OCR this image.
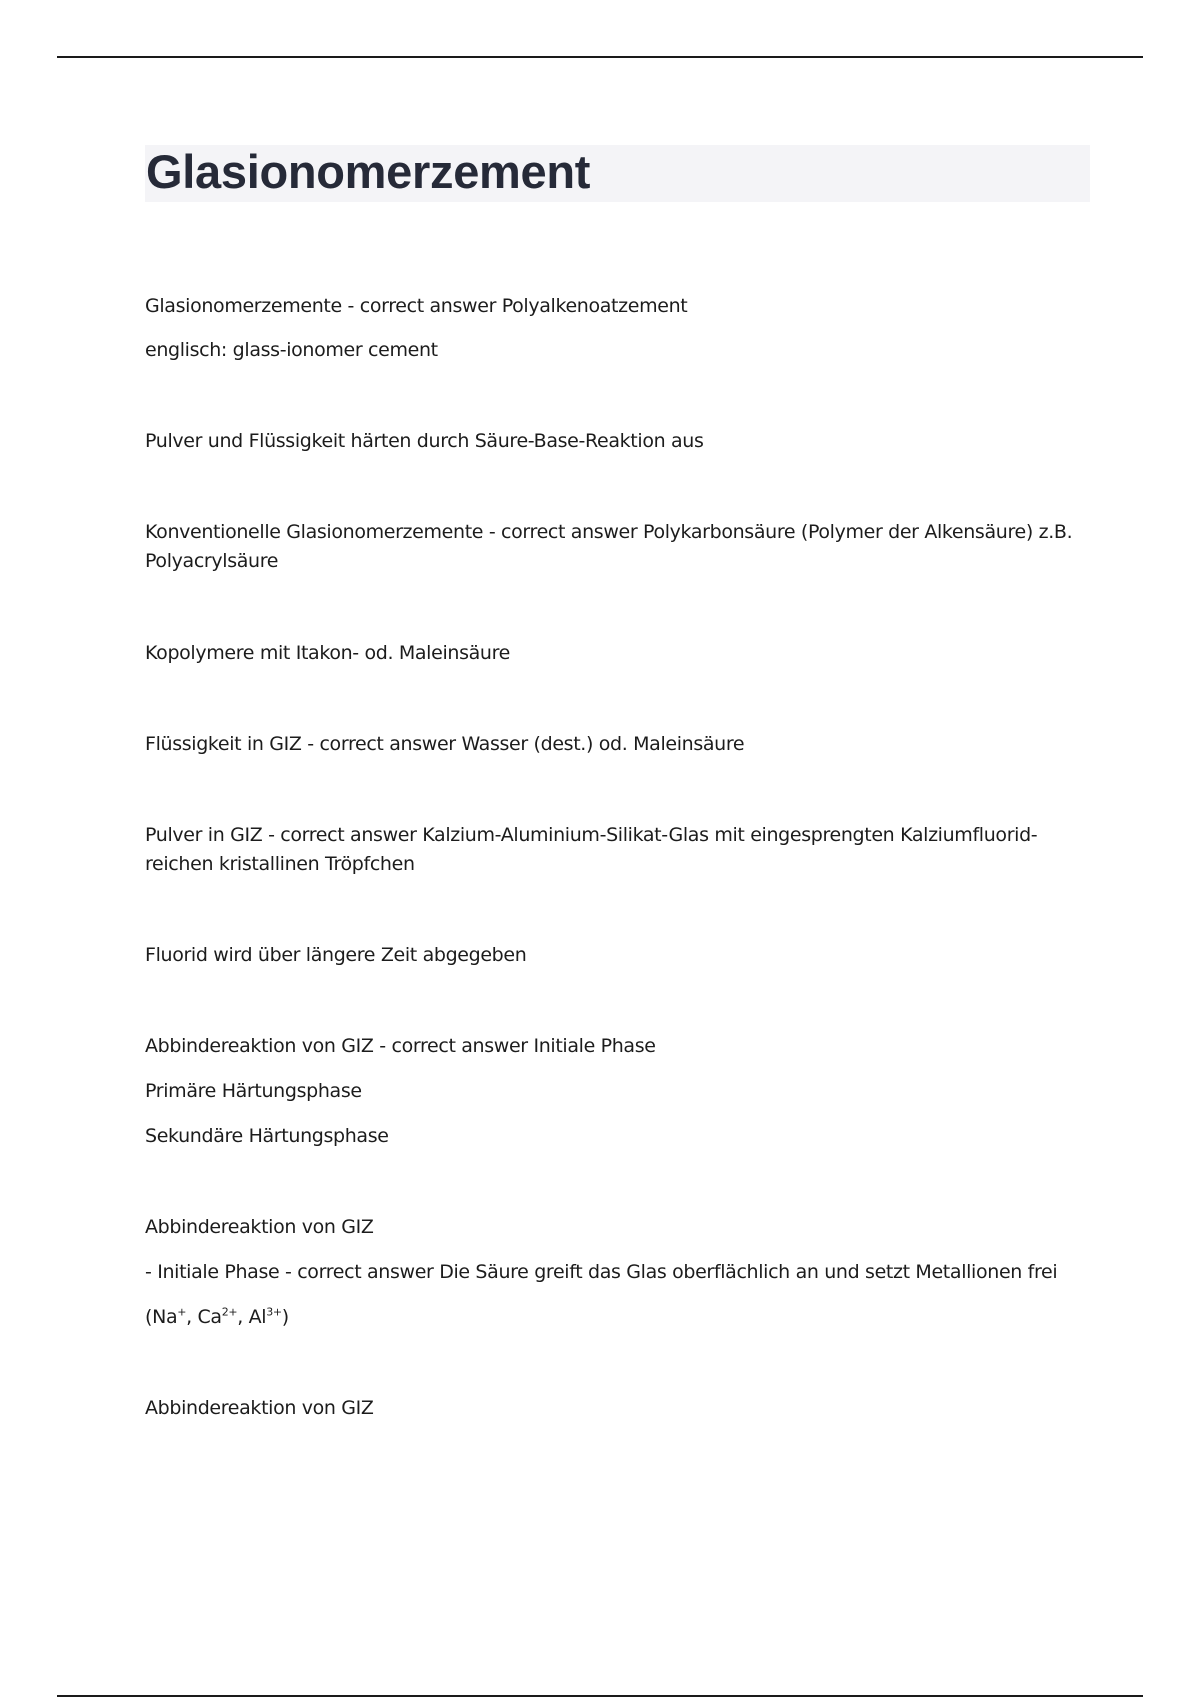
Glasionomerzement

Glasionomerzemente - correct answer Polyalkenoatzement

englisch: glass-ionomer cement

Pulver und Flüssigkeit härten durch Säure-Base-Reaktion aus

Konventionelle Glasionomerzemente - correct answer Polykarbonsäure (Polymer der Alkensäure) z.B. Polyacrylsäure

Kopolymere mit Itakon- od. Maleinsäure

Flüssigkeit in GIZ - correct answer Wasser (dest.) od. Maleinsäure

Pulver in GIZ - correct answer Kalzium-Aluminium-Silikat-Glas mit eingesprengten Kalziumfluorid-reichen kristallinen Tröpfchen

Fluorid wird über längere Zeit abgegeben

Abbindereaktion von GIZ - correct answer Initiale Phase

Primäre Härtungsphase

Sekundäre Härtungsphase

Abbindereaktion von GIZ

- Initiale Phase - correct answer Die Säure greift das Glas oberflächlich an und setzt Metallionen frei

(Na+, $Ca^{2+}$, $Al^{3+}$)

Abbindereaktion von GIZ
